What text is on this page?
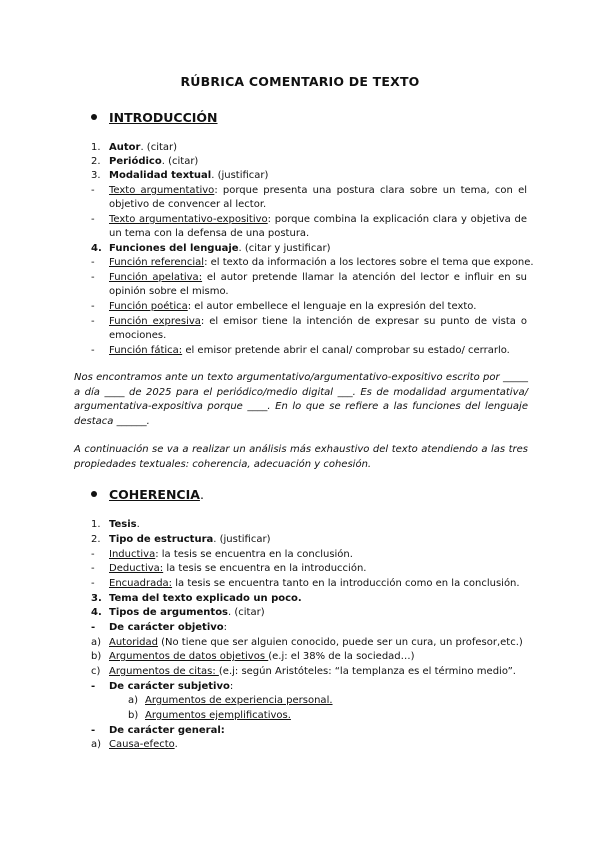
RÚBRICA COMENTARIO DE TEXTO
INTRODUCCIÓN
1. Autor. (citar)
2. Periódico. (citar)
3. Modalidad textual. (justificar)
- Texto argumentativo: porque presenta una postura clara sobre un tema, con el
objetivo de convencer al lector.
- Texto argumentativo-expositivo: porque combina la explicación clara y objetiva de
un tema con la defensa de una postura.
4. Funciones del lenguaje. (citar y justificar)
- Función referencial: el texto da información a los lectores sobre el tema que expone.
- Función apelativa: el autor pretende llamar la atención del lector e influir en su
opinión sobre el mismo.
- Función poética: el autor embellece el lenguaje en la expresión del texto.
- Función expresiva: el emisor tiene la intención de expresar su punto de vista o
emociones.
- Función fática: el emisor pretende abrir el canal/ comprobar su estado/ cerrarlo.
Nos encontramos ante un texto argumentativo/argumentativo-expositivo escrito por _____
a día ____ de 2025 para el periódico/medio digital ___. Es de modalidad argumentativa/
argumentativa-expositiva porque ____. En lo que se refiere a las funciones del lenguaje
destaca ______.
A continuación se va a realizar un análisis más exhaustivo del texto atendiendo a las tres
propiedades textuales: coherencia, adecuación y cohesión.
COHERENCIA.
1. Tesis.
2. Tipo de estructura. (justificar)
- Inductiva: la tesis se encuentra en la conclusión.
- Deductiva: la tesis se encuentra en la introducción.
- Encuadrada: la tesis se encuentra tanto en la introducción como en la conclusión.
3. Tema del texto explicado un poco.
4. Tipos de argumentos. (citar)
- De carácter objetivo:
a) Autoridad (No tiene que ser alguien conocido, puede ser un cura, un profesor,etc.)
b) Argumentos de datos objetivos (e.j: el 38% de la sociedad…)
c) Argumentos de citas: (e.j: según Aristóteles: “la templanza es el término medio”.
- De carácter subjetivo:
a) Argumentos de experiencia personal.
b) Argumentos ejemplificativos.
- De carácter general:
a) Causa-efecto.
